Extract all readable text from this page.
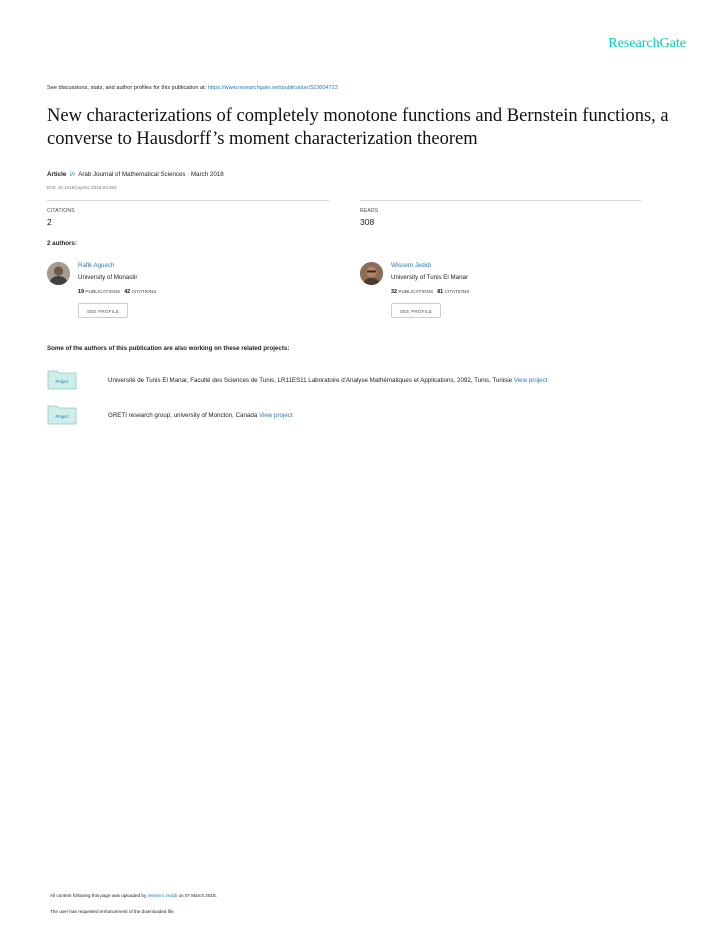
ResearchGate
See discussions, stats, and author profiles for this publication at: https://www.researchgate.net/publication/323604723
New characterizations of completely monotone functions and Bernstein functions, a converse to Hausdorff’s moment characterization theorem
Article in Arab Journal of Mathematical Sciences · March 2018
DOI: 10.1016/j.ajmsc.2018.03.001
CITATIONS
2
READS
308
2 authors:
Rafik Aguech
University of Monastir
19 PUBLICATIONS 42 CITATIONS
SEE PROFILE
Wissem Jedidi
University of Tunis El Manar
32 PUBLICATIONS 81 CITATIONS
SEE PROFILE
Some of the authors of this publication are also working on these related projects:
Project	Université de Tunis El Manar, Faculté des Sciences de Tunis, LR11ES11 Laboratoire d'Analyse Mathématiques et Applications, 2092, Tunis, Tunisie View project
Project	GRETI research group, university of Moncton, Canada View project
All content following this page was uploaded by Wissem Jedidi on 07 March 2018.
The user has requested enhancement of the downloaded file.
